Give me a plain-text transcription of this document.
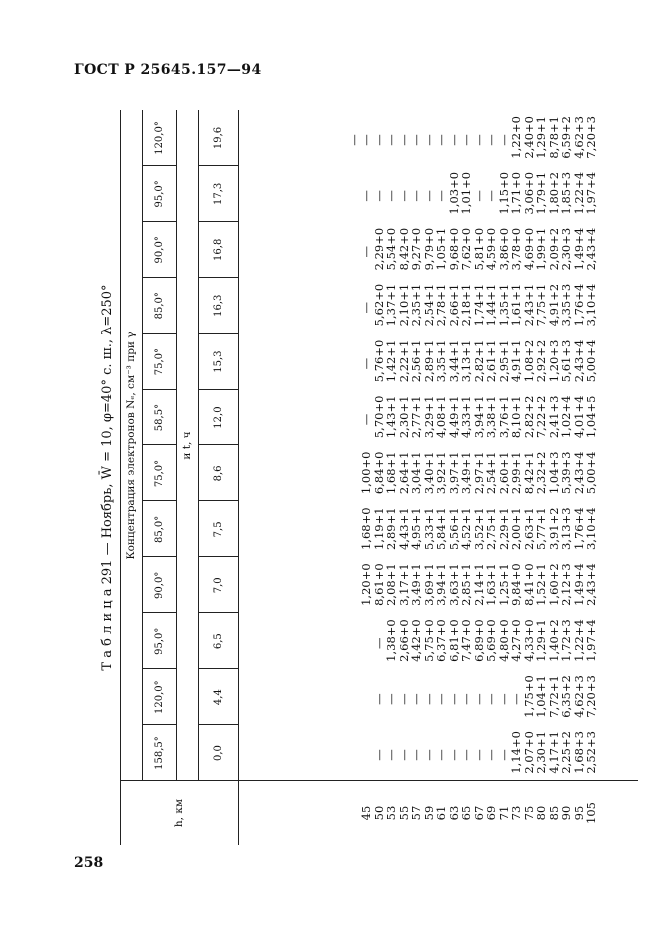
ГОСТ Р 25645.157—94
258
Т а б л и ц а 291 — Ноябрь, W̄ = 10, φ=40° с. ш., λ=250°
h, км
Концентрация электронов Nₑ, см⁻³ при γ
158,5°
120,0°
95,0°
90,0°
85,0°
75,0°
58,5°
75,0°
85,0°
90,0°
95,0°
120,0°
и t, ч
0,0
4,4
6,5
7,0
7,5
8,6
12,0
15,3
16,3
16,8
17,3
19,6
45
50
53
55
57
59
61
63
65
67
69
71
73
75
80
85
90
95
105
—
—
—
—
—
—
—
—
—
—
—
1,14+0
2,07+0
2,30+1
4,17+1
2,25+2
1,68+3
2,52+3
—
—
—
—
—
—
—
—
—
—
—
—
1,75+0
1,04+1
7,72+1
6,35+2
4,62+3
7,20+3
—
1,38+0
2,66+0
4,42+0
5,75+0
6,37+0
6,81+0
7,47+0
6,89+0
5,69+0
4,80+0
4,27+0
4,33+0
1,29+1
1,40+2
1,72+3
1,22+4
1,97+4
1,20+0
8,61+0
2,08+1
3,17+1
3,49+1
3,69+1
3,94+1
3,63+1
2,85+1
2,14+1
1,63+1
1,25+1
9,84+0
8,41+0
1,52+1
1,60+2
2,12+3
1,49+4
2,43+4
1,68+0
1,19+1
2,89+1
4,43+1
4,95+1
5,33+1
5,84+1
5,56+1
4,52+1
3,52+1
2,75+1
2,29+1
2,00+1
2,63+1
5,77+1
3,91+2
3,13+3
1,76+4
3,10+4
1,00+0
6,84+0
1,68+1
2,64+1
3,04+1
3,40+1
3,92+1
3,97+1
3,49+1
2,97+1
2,54+1
2,60+1
2,99+1
8,42+1
2,32+2
1,04+3
5,39+3
2,43+4
5,00+4
—
5,70+0
1,43+1
2,30+1
2,77+1
3,29+1
4,08+1
4,49+1
4,33+1
3,94+1
3,38+1
3,76+1
8,10+1
2,82+2
7,22+2
2,41+3
1,02+4
4,01+4
1,04+5
—
5,76+0
1,42+1
2,22+1
2,56+1
2,89+1
3,35+1
3,44+1
3,13+1
2,82+1
2,61+1
2,95+1
4,91+1
1,08+2
2,92+2
1,20+3
5,61+3
2,43+4
5,00+4
—
5,62+0
1,37+1
2,10+1
2,35+1
2,54+1
2,78+1
2,66+1
2,18+1
1,74+1
1,44+1
1,35+1
1,61+1
2,43+1
7,75+1
4,91+2
3,35+3
1,76+4
3,10+4
—
2,29+0
5,54+0
8,42+0
9,27+0
9,79+0
1,05+1
9,68+0
7,62+0
5,81+0
4,59+0
3,86+0
3,78+0
4,69+0
1,99+1
2,09+2
2,30+3
1,49+4
2,43+4
—
—
—
—
—
—
—
1,03+0
1,01+0
—
—
1,15+0
1,71+0
3,06+0
1,79+1
1,80+2
1,85+3
1,22+4
1,97+4
—
—
—
—
—
—
—
—
—
—
—
—
—
1,22+0
2,40+0
1,29+1
8,78+1
6,59+2
4,62+3
7,20+3
